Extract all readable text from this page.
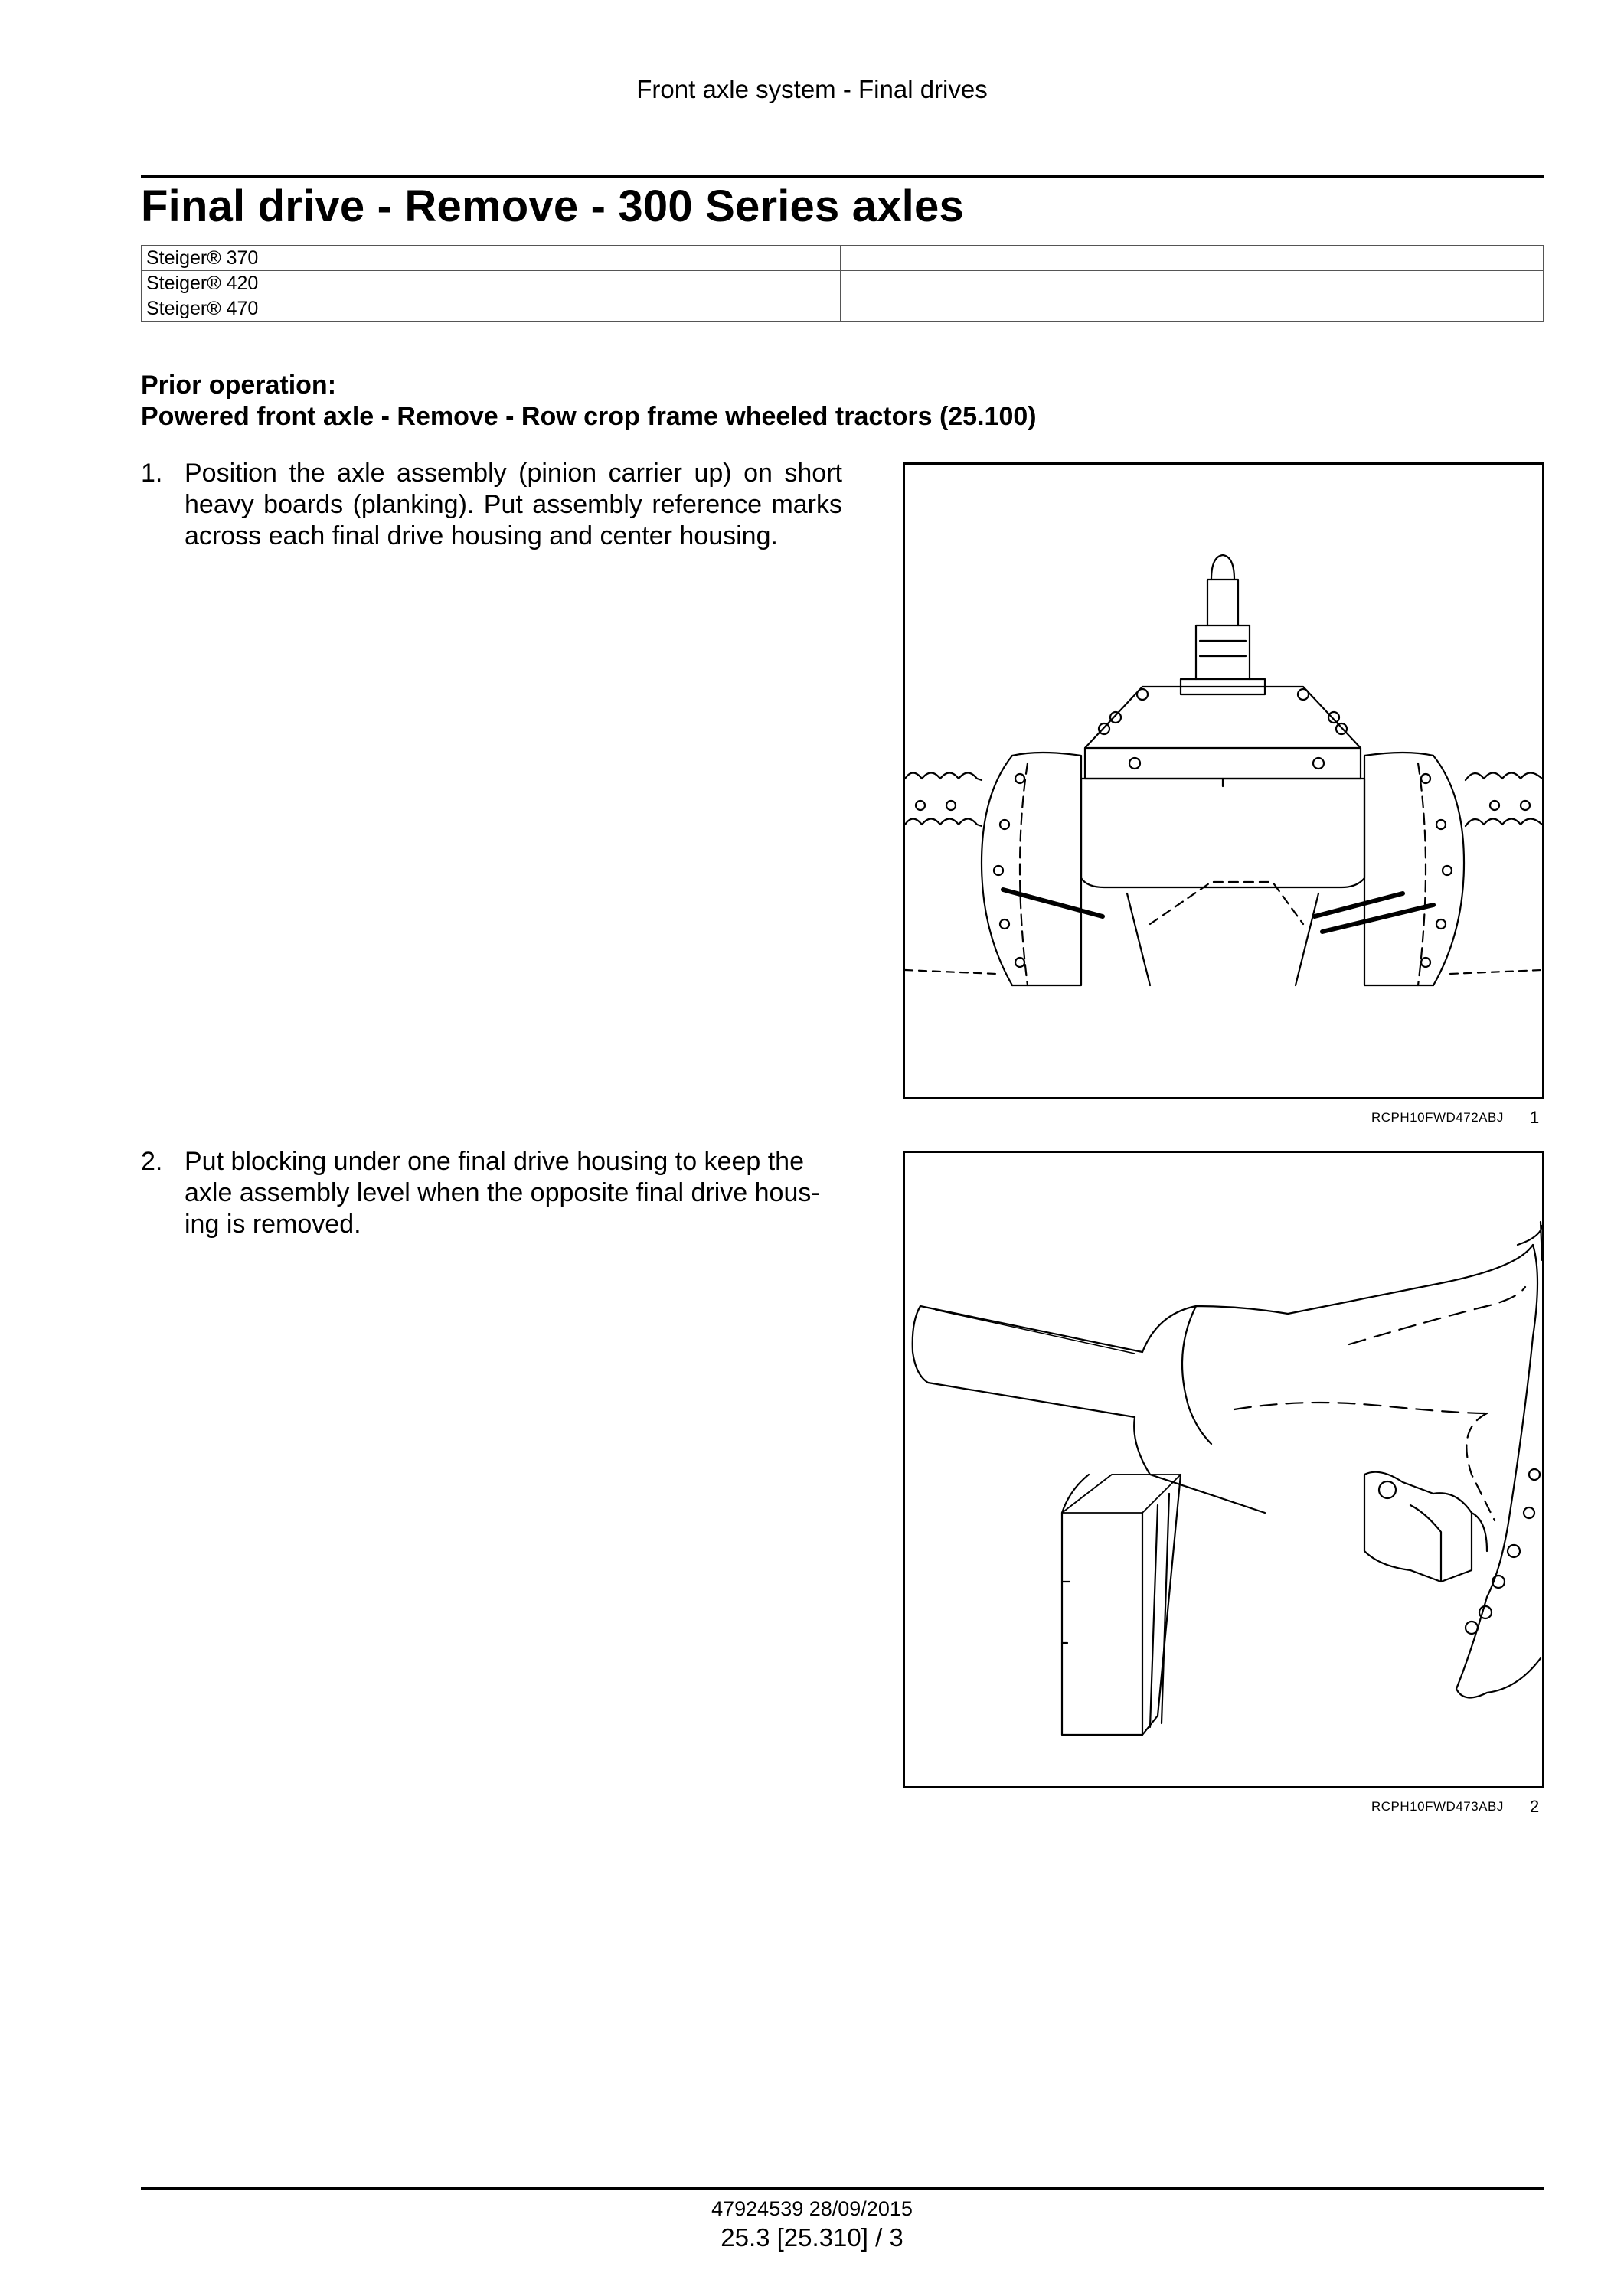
Front axle system - Final drives
Final drive - Remove - 300 Series axles
Steiger® 370	
Steiger® 420	
Steiger® 470	
Prior operation:
Powered front axle - Remove - Row crop frame wheeled tractors (25.100)
1. Position the axle assembly (pinion carrier up) on short heavy boards (planking). Put assembly reference marks across each final drive housing and center housing.
RCPH10FWD472ABJ 1
2. Put blocking under one final drive housing to keep the axle assembly level when the opposite final drive hous-ing is removed.
RCPH10FWD473ABJ 2
47924539 28/09/2015
25.3 [25.310] / 3
